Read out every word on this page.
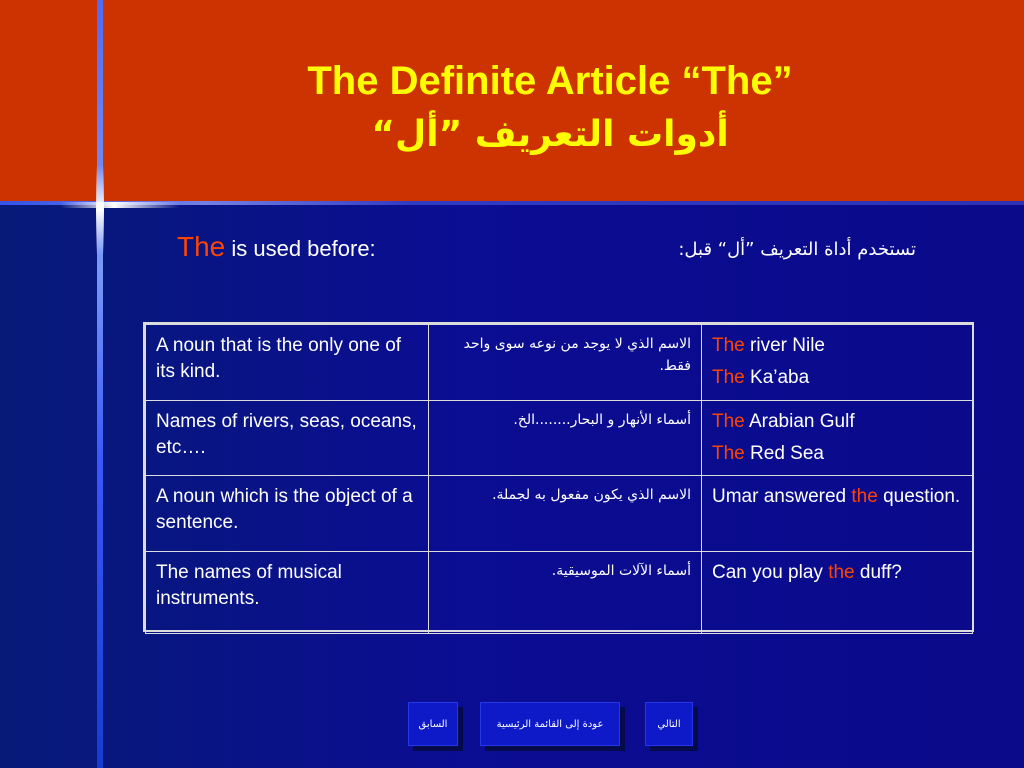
The Definite Article “The”
أدوات التعريف ”أل“
The is used before:	تستخدم أداة التعريف ”أل“ قبل:
A noun that is the only one of its kind.	الاسم الذي لا يوجد من نوعه سوى واحد فقط.	The river Nile
The Ka’aba

Names of rivers, seas, oceans, etc….	أسماء الأنهار و البحار........الخ.	The Arabian Gulf
The Red Sea

A noun which is the object of a sentence.	الاسم الذي يكون مفعول به لجملة.	Umar answered the question.
The names of musical instruments.	أسماء الآلات الموسيقية.	Can you play the duff?
السابق	عودة إلى القائمة الرئيسية	التالي
